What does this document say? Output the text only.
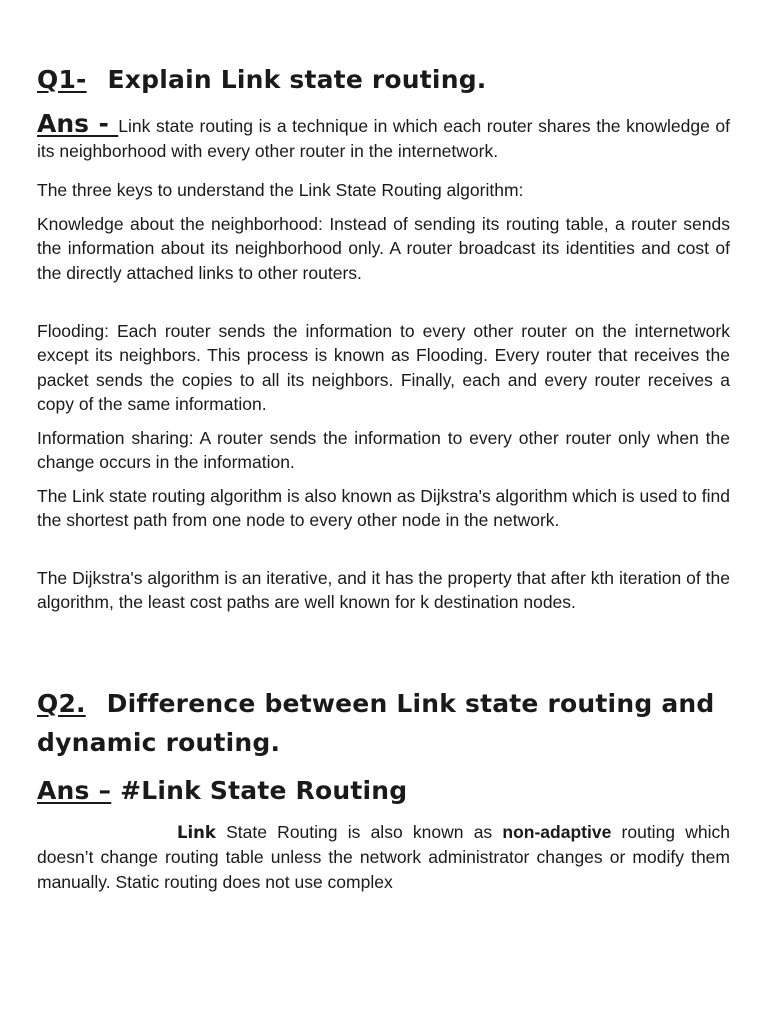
Q1- Explain Link state routing.

Ans - Link state routing is a technique in which each router shares the knowledge of its neighborhood with every other router in the internetwork.

The three keys to understand the Link State Routing algorithm:

Knowledge about the neighborhood: Instead of sending its routing table, a router sends the information about its neighborhood only. A router broadcast its identities and cost of the directly attached links to other routers.

Flooding: Each router sends the information to every other router on the internetwork except its neighbors. This process is known as Flooding. Every router that receives the packet sends the copies to all its neighbors. Finally, each and every router receives a copy of the same information.

Information sharing: A router sends the information to every other router only when the change occurs in the information.

The Link state routing algorithm is also known as Dijkstra's algorithm which is used to find the shortest path from one node to every other node in the network.

The Dijkstra's algorithm is an iterative, and it has the property that after kth iteration of the algorithm, the least cost paths are well known for k destination nodes.

Q2. Difference between Link state routing and dynamic routing.
Ans – #Link State Routing

Link State Routing is also known as non-adaptive routing which doesn’t change routing table unless the network administrator changes or modify them manually. Static routing does not use complex
